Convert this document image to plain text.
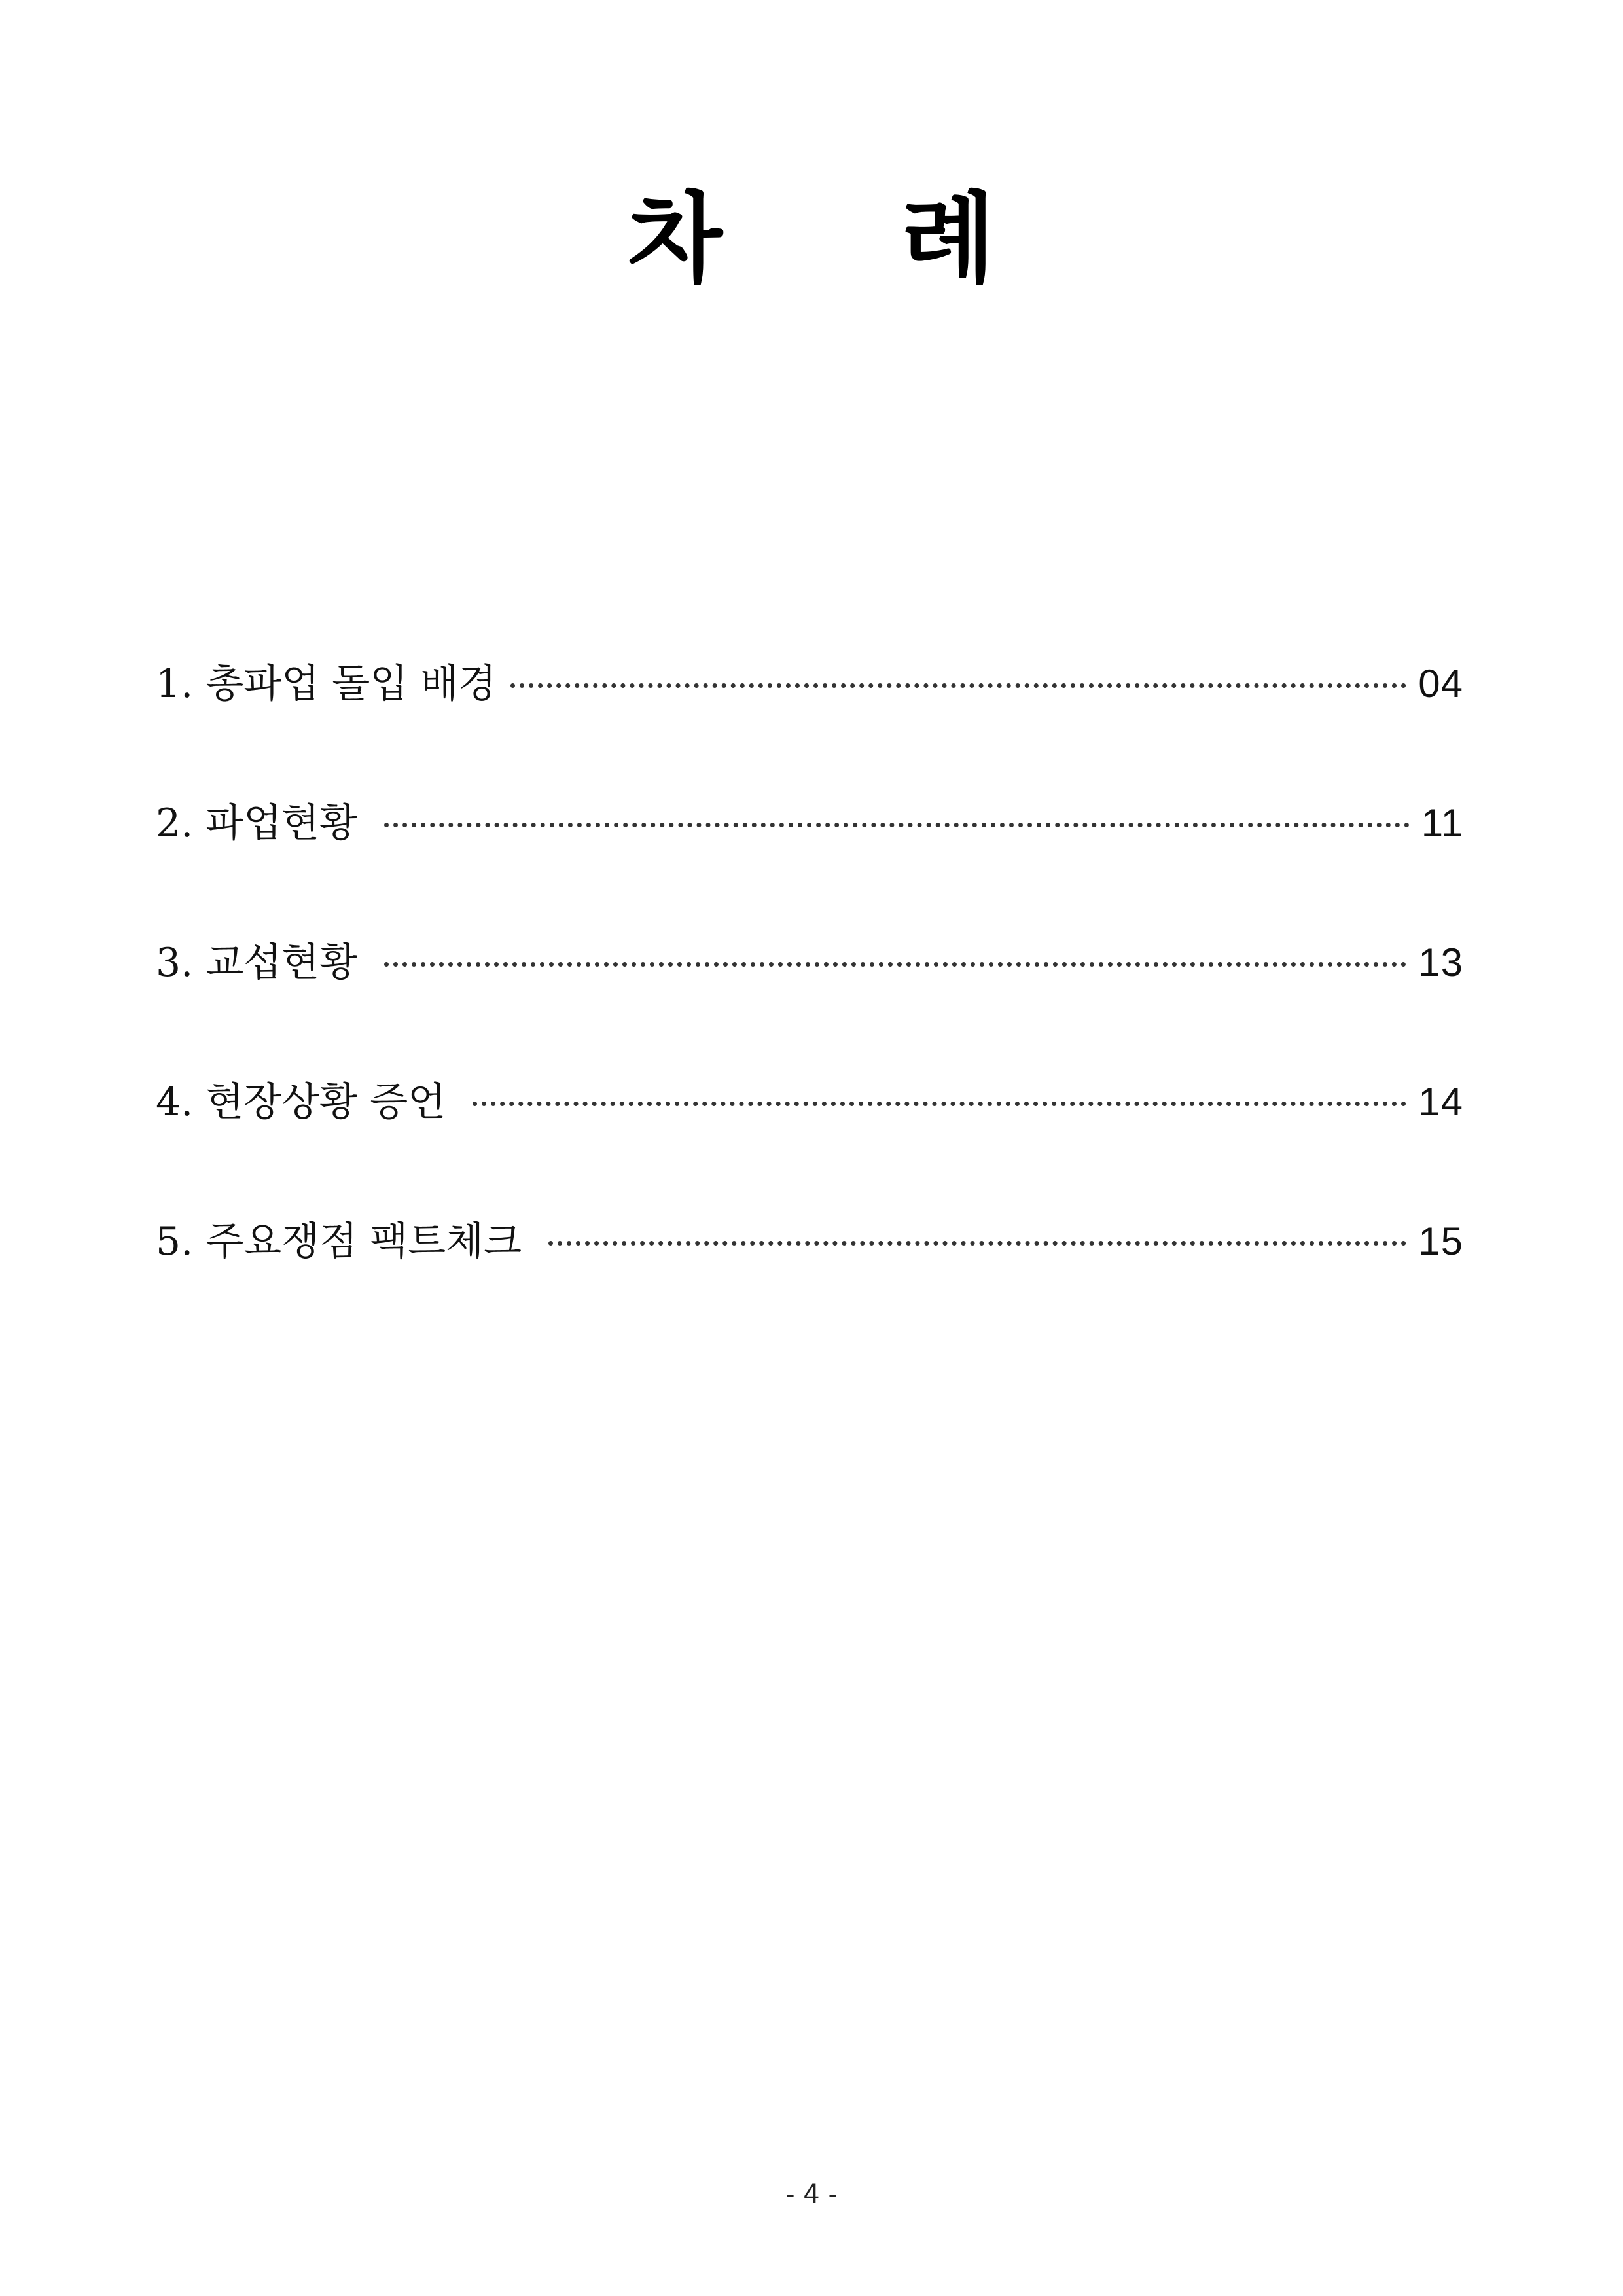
차 례
1. 총파업 돌입 배경	04
2. 파업현황	11
3. 교섭현황	13
4. 현장상황 증언	14
5. 주요쟁점 팩트체크	15
- 4 -
